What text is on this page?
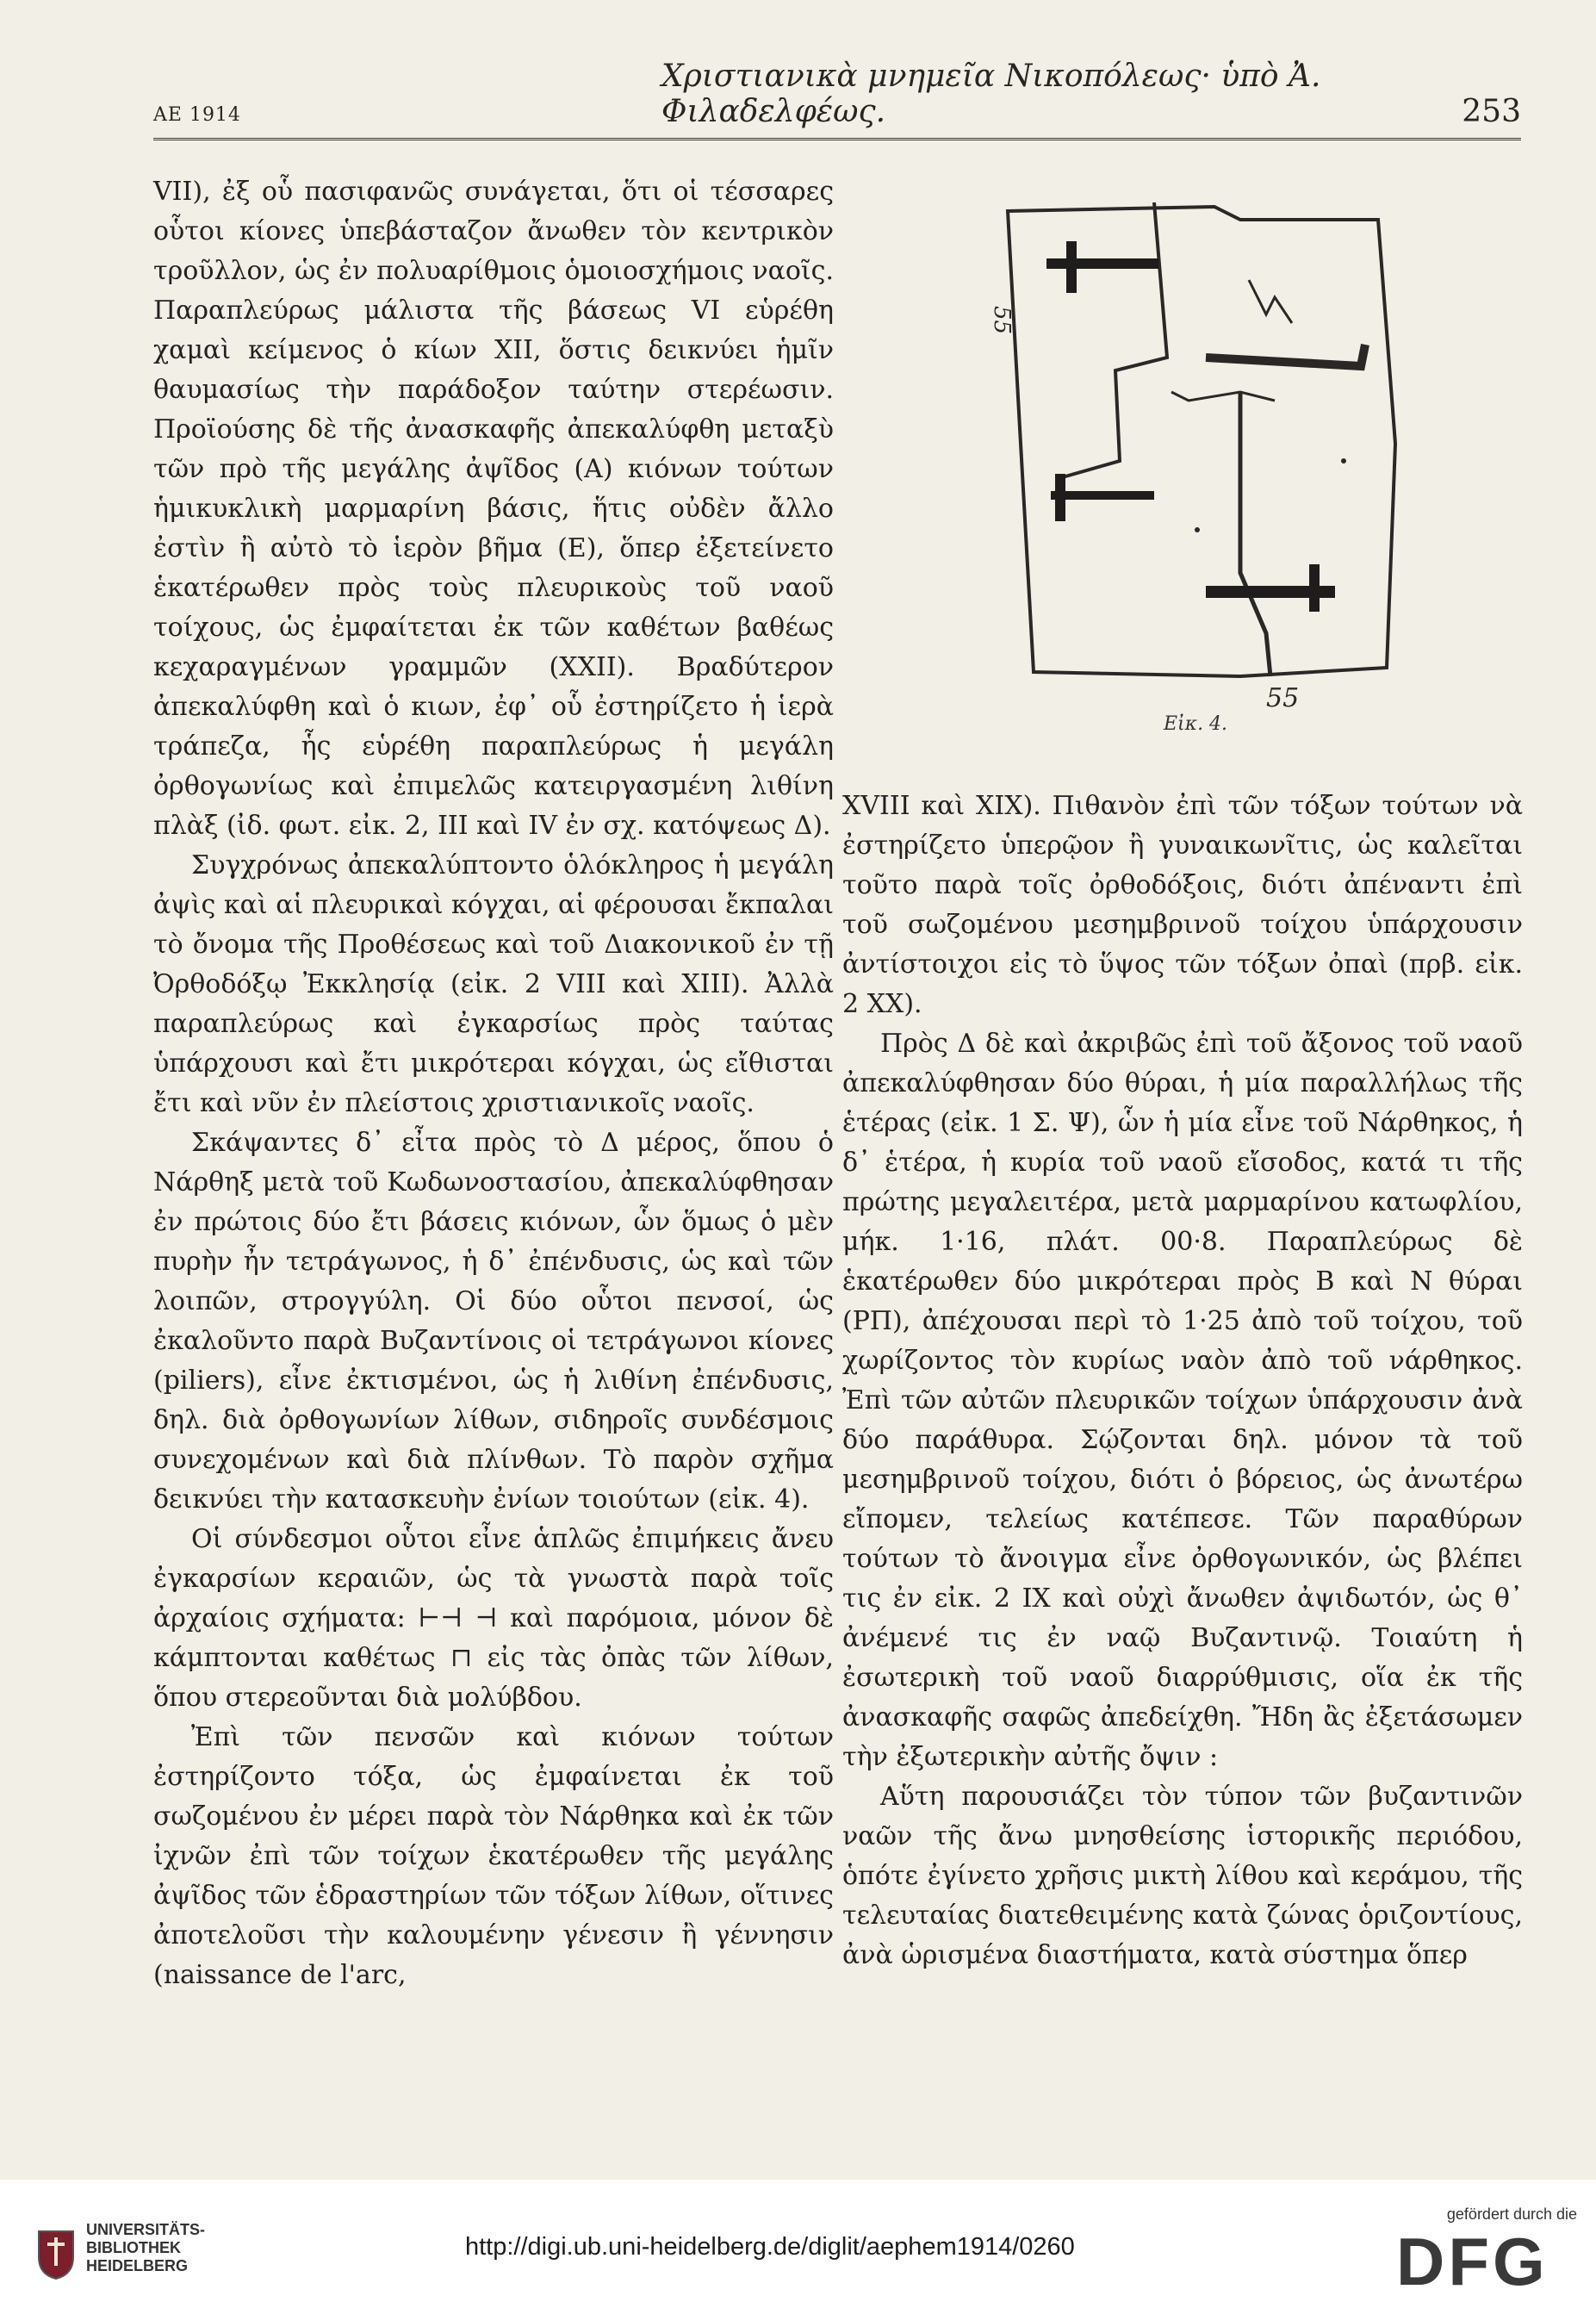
ΑΕ 1914
Χριστιανικὰ μνημεῖα Νικοπόλεως· ὑπὸ Ἀ. Φιλαδελφέως.	253

VII), ἐξ οὗ πασιφανῶς συνάγεται, ὅτι οἱ τέσσαρες οὗτοι κίονες ὑπεβάσταζον ἄνωθεν τὸν κεντρικὸν τροῦλλον, ὡς ἐν πολυαρίθμοις ὁμοιοσχήμοις ναοῖς. Παραπλεύρως μάλιστα τῆς βάσεως VI εὑρέθη χαμαὶ κείμενος ὁ κίων XII, ὅστις δεικνύει ἡμῖν θαυμασίως τὴν παράδοξον ταύτην στερέωσιν. Προϊούσης δὲ τῆς ἀνασκαφῆς ἀπεκαλύφθη μεταξὺ τῶν πρὸ τῆς μεγάλης ἀψῖδος (Α) κιόνων τούτων ἡμικυκλικὴ μαρμαρίνη βάσις, ἥτις οὐδὲν ἄλλο ἐστὶν ἢ αὐτὸ τὸ ἱερὸν βῆμα (Ε), ὅπερ ἐξετείνετο ἑκατέρωθεν πρὸς τοὺς πλευρικοὺς τοῦ ναοῦ τοίχους, ὡς ἐμφαίτεται ἐκ τῶν καθέτων βαθέως κεχαραγμένων γραμμῶν (XXII). Βραδύτερον ἀπεκαλύφθη καὶ ὁ κιων, ἐφ᾽ οὗ ἐστηρίζετο ἡ ἱερὰ τράπεζα, ἧς εὑρέθη παραπλεύρως ἡ μεγάλη ὀρθογωνίως καὶ ἐπιμελῶς κατειργασμένη λιθίνη πλὰξ (ἰδ. φωτ. εἰκ. 2, III καὶ IV ἐν σχ. κατόψεως Δ).

Συγχρόνως ἀπεκαλύπτοντο ὁλόκληρος ἡ μεγάλη ἀψὶς καὶ αἱ πλευρικαὶ κόγχαι, αἱ φέρουσαι ἔκπαλαι τὸ ὄνομα τῆς Προθέσεως καὶ τοῦ Διακονικοῦ ἐν τῇ Ὀρθοδόξῳ Ἐκκλησίᾳ (εἰκ. 2 VIII καὶ XIII). Ἀλλὰ παραπλεύρως καὶ ἐγκαρσίως πρὸς ταύτας ὑπάρχουσι καὶ ἔτι μικρότεραι κόγχαι, ὡς εἴθισται ἔτι καὶ νῦν ἐν πλείστοις χριστιανικοῖς ναοῖς.

Σκάψαντες δ᾽ εἶτα πρὸς τὸ Δ μέρος, ὅπου ὁ Νάρθηξ μετὰ τοῦ Κωδωνοστασίου, ἀπεκαλύφθησαν ἐν πρώτοις δύο ἔτι βάσεις κιόνων, ὧν ὅμως ὁ μὲν πυρὴν ἦν τετράγωνος, ἡ δ᾽ ἐπένδυσις, ὡς καὶ τῶν λοιπῶν, στρογγύλη. Οἱ δύο οὗτοι πενσοί, ὡς ἐκαλοῦντο παρὰ Βυζαντίνοις οἱ τετράγωνοι κίονες (piliers), εἶνε ἐκτισμένοι, ὡς ἡ λιθίνη ἐπένδυσις, δηλ. διὰ ὀρθογωνίων λίθων, σιδηροῖς συνδέσμοις συνεχομένων καὶ διὰ πλίνθων. Τὸ παρὸν σχῆμα δεικνύει τὴν κατασκευὴν ἐνίων τοιούτων (εἰκ. 4).

Οἱ σύνδεσμοι οὗτοι εἶνε ἁπλῶς ἐπιμήκεις ἄνευ ἐγκαρσίων κεραιῶν, ὡς τὰ γνωστὰ παρὰ τοῖς ἀρχαίοις σχήματα: ⊢⊣ ⊣ καὶ παρόμοια, μόνον δὲ κάμπτονται καθέτως ⊓ εἰς τὰς ὀπὰς τῶν λίθων, ὅπου στερεοῦνται διὰ μολύβδου.

Ἐπὶ τῶν πενσῶν καὶ κιόνων τούτων ἐστηρίζοντο τόξα, ὡς ἐμφαίνεται ἐκ τοῦ σωζομένου ἐν μέρει παρὰ τὸν Νάρθηκα καὶ ἐκ τῶν ἰχνῶν ἐπὶ τῶν τοίχων ἑκατέρωθεν τῆς μεγάλης ἀψῖδος τῶν ἑδραστηρίων τῶν τόξων λίθων, οἵτινες ἀποτελοῦσι τὴν καλουμένην γένεσιν ἢ γέννησιν (naissance de l'arc,

55
55
Εἰκ. 4.

XVIII καὶ XIX). Πιθανὸν ἐπὶ τῶν τόξων τούτων νὰ ἐστηρίζετο ὑπερῷον ἢ γυναικωνῖτις, ὡς καλεῖται τοῦτο παρὰ τοῖς ὀρθοδόξοις, διότι ἀπέναντι ἐπὶ τοῦ σωζομένου μεσημβρινοῦ τοίχου ὑπάρχουσιν ἀντίστοιχοι εἰς τὸ ὕψος τῶν τόξων ὀπαὶ (πρβ. εἰκ. 2 XX).

Πρὸς Δ δὲ καὶ ἀκριβῶς ἐπὶ τοῦ ἄξονος τοῦ ναοῦ ἀπεκαλύφθησαν δύο θύραι, ἡ μία παραλλήλως τῆς ἑτέρας (εἰκ. 1 Σ. Ψ), ὧν ἡ μία εἶνε τοῦ Νάρθηκος, ἡ δ᾽ ἑτέρα, ἡ κυρία τοῦ ναοῦ εἴσοδος, κατά τι τῆς πρώτης μεγαλειτέρα, μετὰ μαρμαρίνου κατωφλίου, μήκ. 1·16, πλάτ. 00·8. Παραπλεύρως δὲ ἑκατέρωθεν δύο μικρότεραι πρὸς Β καὶ Ν θύραι (ΡΠ), ἀπέχουσαι περὶ τὸ 1·25 ἀπὸ τοῦ τοίχου, τοῦ χωρίζοντος τὸν κυρίως ναὸν ἀπὸ τοῦ νάρθηκος. Ἐπὶ τῶν αὐτῶν πλευρικῶν τοίχων ὑπάρχουσιν ἀνὰ δύο παράθυρα. Σῴζονται δηλ. μόνον τὰ τοῦ μεσημβρινοῦ τοίχου, διότι ὁ βόρειος, ὡς ἀνωτέρω εἴπομεν, τελείως κατέπεσε. Τῶν παραθύρων τούτων τὸ ἄνοιγμα εἶνε ὀρθογωνικόν, ὡς βλέπει τις ἐν εἰκ. 2 IX καὶ οὐχὶ ἄνωθεν ἀψιδωτόν, ὡς θ᾽ ἀνέμενέ τις ἐν ναῷ Βυζαντινῷ. Τοιαύτη ἡ ἐσωτερικὴ τοῦ ναοῦ διαρρύθμισις, οἵα ἐκ τῆς ἀνασκαφῆς σαφῶς ἀπεδείχθη. Ἤδη ἂς ἐξετάσωμεν τὴν ἐξωτερικὴν αὐτῆς ὄψιν :

Αὕτη παρουσιάζει τὸν τύπον τῶν βυζαντινῶν ναῶν τῆς ἄνω μνησθείσης ἱστορικῆς περιόδου, ὁπότε ἐγίνετο χρῆσις μικτὴ λίθου καὶ κεράμου, τῆς τελευταίας διατεθειμένης κατὰ ζώνας ὁριζοντίους, ἀνὰ ὡρισμένα διαστήματα, κατὰ σύστημα ὅπερ

UNIVERSITÄTS-
BIBLIOTHEK
HEIDELBERG
http://digi.ub.uni-heidelberg.de/diglit/aephem1914/0260
gefördert durch die
DFG
